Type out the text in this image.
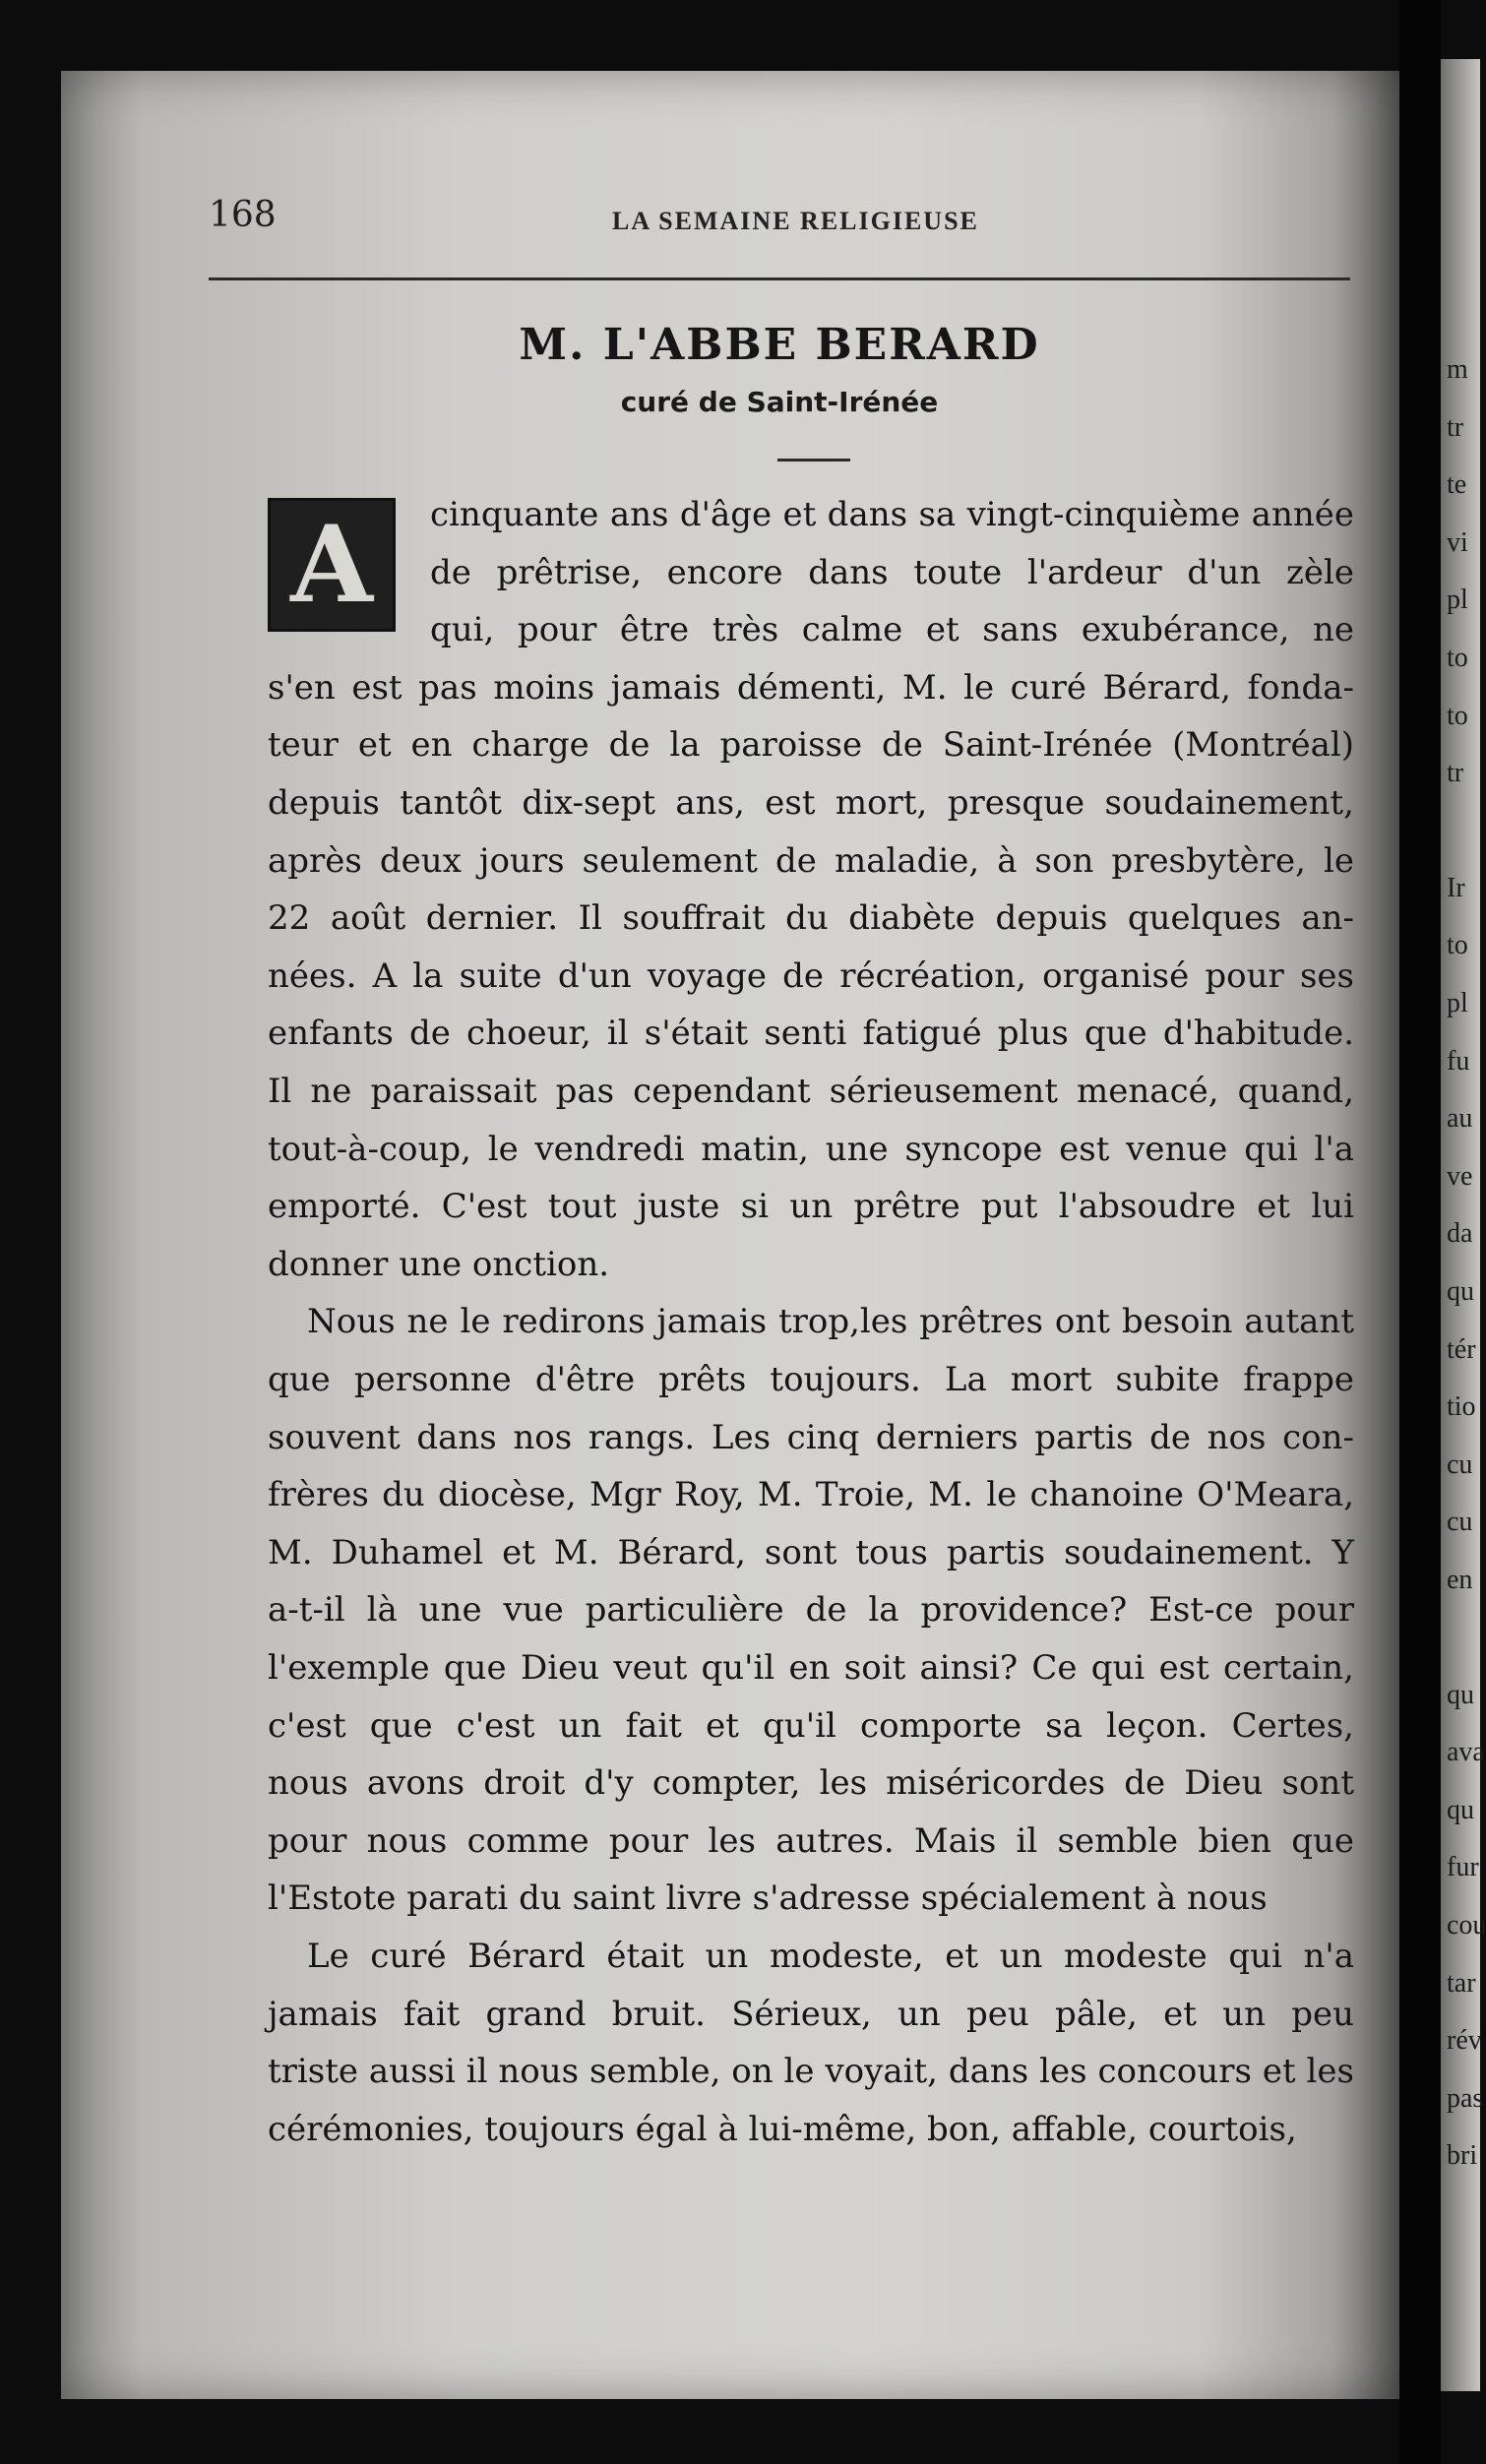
m
tr
te
vi
pl
to
to
tr
Ir
to
pl
fu
au
ve
da
qu
tér
tio
cu
cu
en
qu
ava
qu
fur
cou
tar
rév
pas
bri
168	LA SEMAINE RELIGIEUSE
M. L'ABBE BERARD
curé de Saint-Irénée
A cinquante ans d'âge et dans sa vingt-cinquième année
de prêtrise, encore dans toute l'ardeur d'un zèle
qui, pour être très calme et sans exubérance, ne
s'en est pas moins jamais démenti, M. le curé Bérard, fonda-
teur et en charge de la paroisse de Saint-Irénée (Montréal)
depuis tantôt dix-sept ans, est mort, presque soudainement,
après deux jours seulement de maladie, à son presbytère, le
22 août dernier. Il souffrait du diabète depuis quelques an-
nées. A la suite d'un voyage de récréation, organisé pour ses
enfants de choeur, il s'était senti fatigué plus que d'habitude.
Il ne paraissait pas cependant sérieusement menacé, quand,
tout-à-coup, le vendredi matin, une syncope est venue qui l'a
emporté. C'est tout juste si un prêtre put l'absoudre et lui
donner une onction.
Nous ne le redirons jamais trop,les prêtres ont besoin autant
que personne d'être prêts toujours. La mort subite frappe
souvent dans nos rangs. Les cinq derniers partis de nos con-
frères du diocèse, Mgr Roy, M. Troie, M. le chanoine O'Meara,
M. Duhamel et M. Bérard, sont tous partis soudainement. Y
a-t-il là une vue particulière de la providence? Est-ce pour
l'exemple que Dieu veut qu'il en soit ainsi? Ce qui est certain,
c'est que c'est un fait et qu'il comporte sa leçon. Certes,
nous avons droit d'y compter, les miséricordes de Dieu sont
pour nous comme pour les autres. Mais il semble bien que
l'Estote parati du saint livre s'adresse spécialement à nous
Le curé Bérard était un modeste, et un modeste qui n'a
jamais fait grand bruit. Sérieux, un peu pâle, et un peu
triste aussi il nous semble, on le voyait, dans les concours et les
cérémonies, toujours égal à lui-même, bon, affable, courtois,
